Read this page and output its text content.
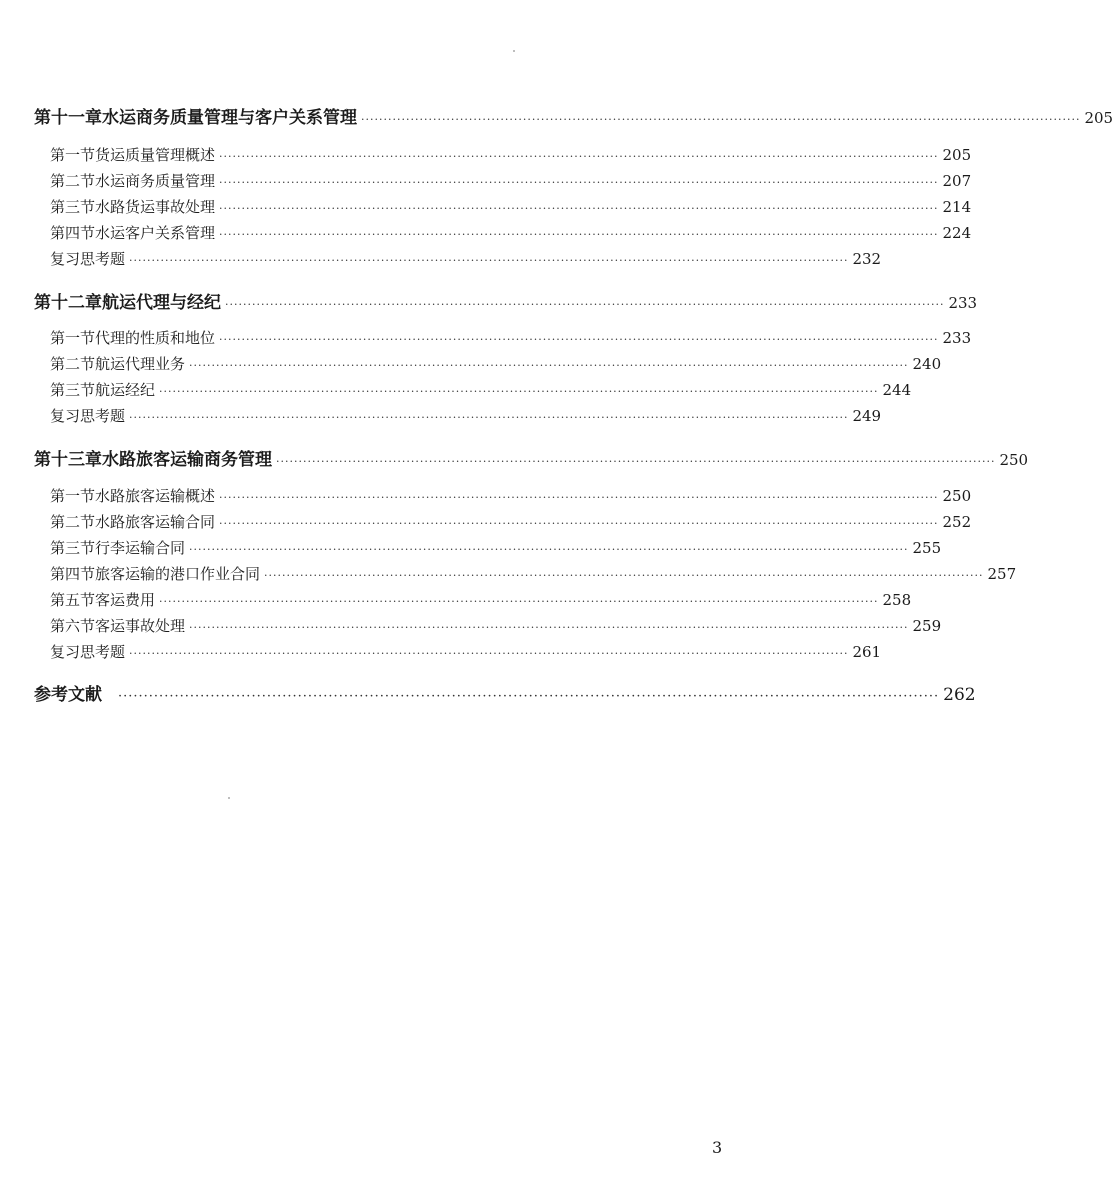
第十一章 水运商务质量管理与客户关系管理 ································································································································································ 205
第一节 货运质量管理概述 ································································································································································ 205
第二节 水运商务质量管理 ································································································································································ 207
第三节 水路货运事故处理 ································································································································································ 214
第四节 水运客户关系管理 ································································································································································ 224
复习思考题 ································································································································································ 232
第十二章 航运代理与经纪 ································································································································································ 233
第一节 代理的性质和地位 ································································································································································ 233
第二节 航运代理业务 ································································································································································ 240
第三节 航运经纪 ································································································································································ 244
复习思考题 ································································································································································ 249
第十三章 水路旅客运输商务管理 ································································································································································ 250
第一节 水路旅客运输概述 ································································································································································ 250
第二节 水路旅客运输合同 ································································································································································ 252
第三节 行李运输合同 ································································································································································ 255
第四节 旅客运输的港口作业合同 ································································································································································ 257
第五节 客运费用 ································································································································································ 258
第六节 客运事故处理 ································································································································································ 259
复习思考题 ································································································································································ 261
参考文献 ································································································································································ 262
3
